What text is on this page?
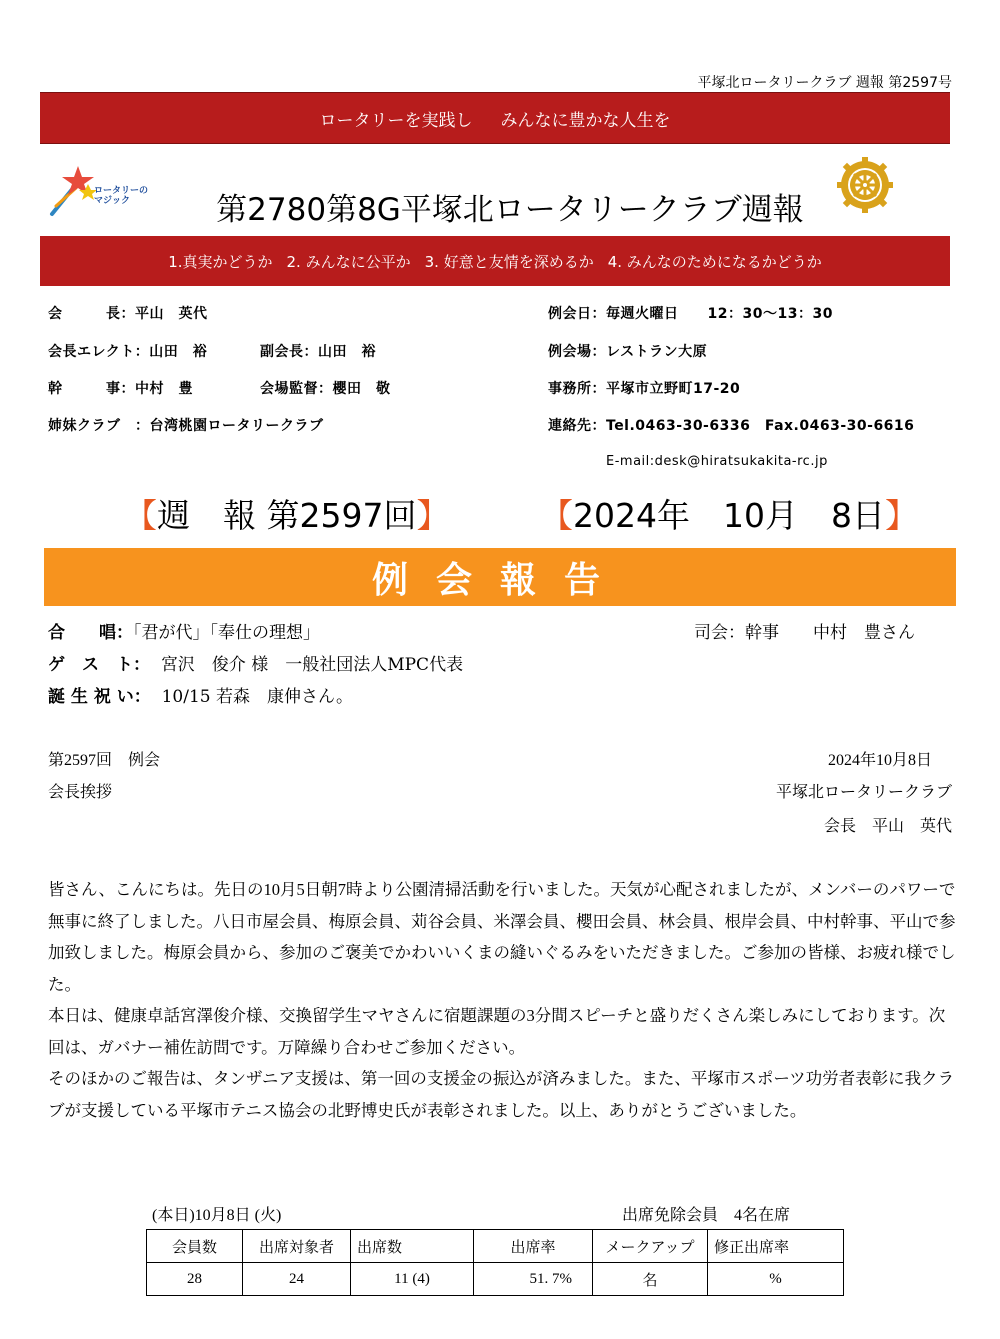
平塚北ロータリークラブ 週報 第2597号
ロータリーを実践し みんなに豊かな人生を
ロータリーの
マジック	第2780第8G平塚北ロータリークラブ週報
1.真実かどうか 2. みんなに公平か 3. 好意と友情を深めるか 4. みんなのためになるかどうか
会　　　長：平山　英代
会長エレクト：山田　裕	副会長：山田　裕
幹　　　事：中村　豊	会場監督：櫻田　敬
姉妹クラブ　：台湾桃園ロータリークラブ
例会日：毎週火曜日　　12：30～13：30
例会場：レストラン大原
事務所：平塚市立野町17-20
連絡先：Tel.0463-30-6336　Fax.0463-30-6616
E-mail:desk@hiratsukakita-rc.jp
【週　報 第2597回】	【2024年　10月　8日】
例会報告
合　　唱：「君が代」「奉仕の理想」	司会：幹事　　中村　豊さん
ゲ　ス　ト： 宮沢　俊介 様　一般社団法人MPC代表
誕 生 祝 い： 10/15 若森　康伸さん。
第2597回　例会	2024年10月8日
会長挨拶	平塚北ロータリークラブ
会長　平山　英代

皆さん、こんにちは。先日の10月5日朝7時より公園清掃活動を行いました。天気が心配されましたが、メンバーのパワーで無事に終了しました。八日市屋会員、梅原会員、苅谷会員、米澤会員、櫻田会員、林会員、根岸会員、中村幹事、平山で参加致しました。梅原会員から、参加のご褒美でかわいいくまの縫いぐるみをいただきました。ご参加の皆様、お疲れ様でした。

本日は、健康卓話宮澤俊介様、交換留学生マヤさんに宿題課題の3分間スピーチと盛りだくさん楽しみにしております。次回は、ガバナー補佐訪問です。万障繰り合わせご参加ください。

そのほかのご報告は、タンザニア支援は、第一回の支援金の振込が済みました。また、平塚市スポーツ功労者表彰に我クラブが支援している平塚市テニス協会の北野博史氏が表彰されました。以上、ありがとうございました。

(本日)10月8日 (火)	出席免除会員　4名在席
会員数	出席対象者	出席数	出席率	メークアップ	修正出席率
28	24	11 (4)	51. 7%	名	%
